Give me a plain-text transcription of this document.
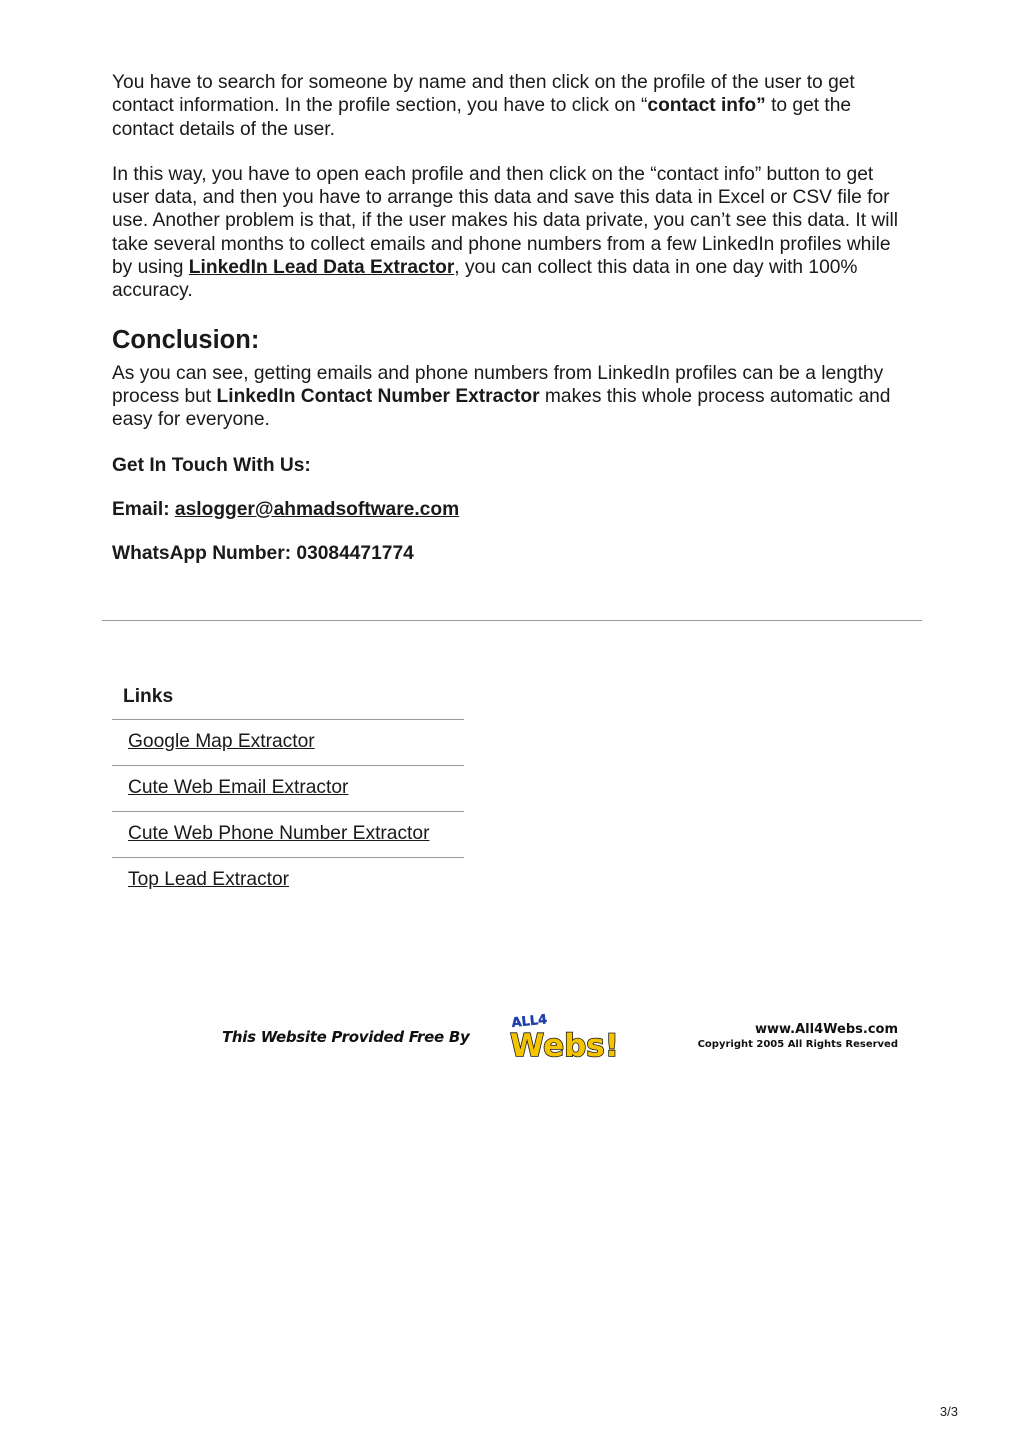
You have to search for someone by name and then click on the profile of the user to get contact information. In the profile section, you have to click on “contact info” to get the contact details of the user.

In this way, you have to open each profile and then click on the “contact info” button to get user data, and then you have to arrange this data and save this data in Excel or CSV file for use. Another problem is that, if the user makes his data private, you can’t see this data. It will take several months to collect emails and phone numbers from a few LinkedIn profiles while by using LinkedIn Lead Data Extractor, you can collect this data in one day with 100% accuracy.

Conclusion:

As you can see, getting emails and phone numbers from LinkedIn profiles can be a lengthy process but LinkedIn Contact Number Extractor makes this whole process automatic and easy for everyone.

Get In Touch With Us:

Email: aslogger@ahmadsoftware.com

WhatsApp Number: 03084471774

Links
Google Map Extractor
Cute Web Email Extractor
Cute Web Phone Number Extractor
Top Lead Extractor
This Website Provided Free By
ALL4
Webs!	www.All4Webs.com
Copyright 2005 All Rights Reserved
3/3
